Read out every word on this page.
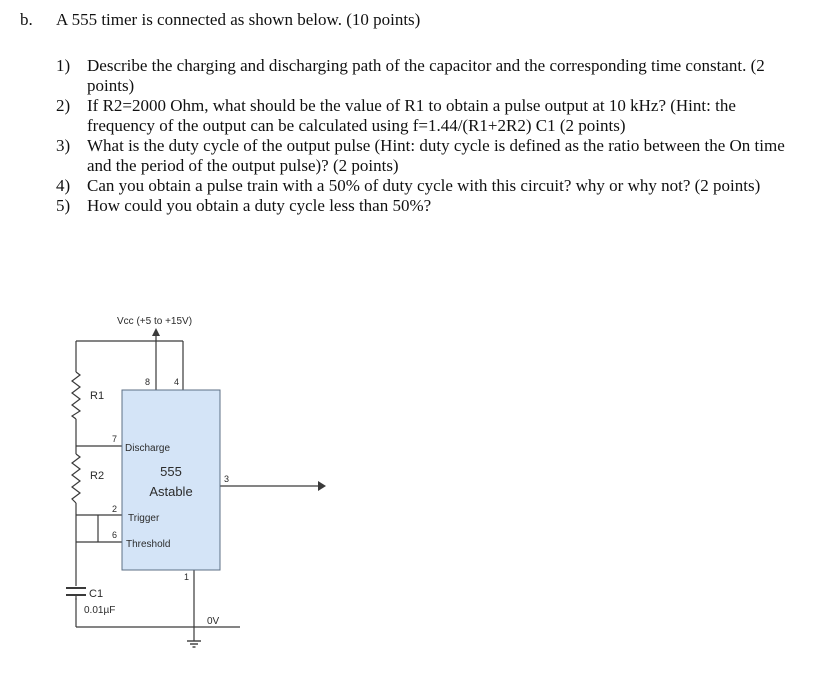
b. A 555 timer is connected as shown below. (10 points)
1) Describe the charging and discharging path of the capacitor and the corresponding time constant. (2 points)
2) If R2=2000 Ohm, what should be the value of R1 to obtain a pulse output at 10 kHz? (Hint: the frequency of the output can be calculated using f=1.44/(R1+2R2) C1 (2 points)
3) What is the duty cycle of the output pulse (Hint: duty cycle is defined as the ratio between the On time and the period of the output pulse)? (2 points)
4) Can you obtain a pulse train with a 50% of duty cycle with this circuit? why or why not? (2 points)
5) How could you obtain a duty cycle less than 50%?
Vcc (+5 to +15V)
R1
R2
C1
0.01µF
8	4
7
2
6
3
1
Discharge
Trigger
Threshold
555
Astable
0V
